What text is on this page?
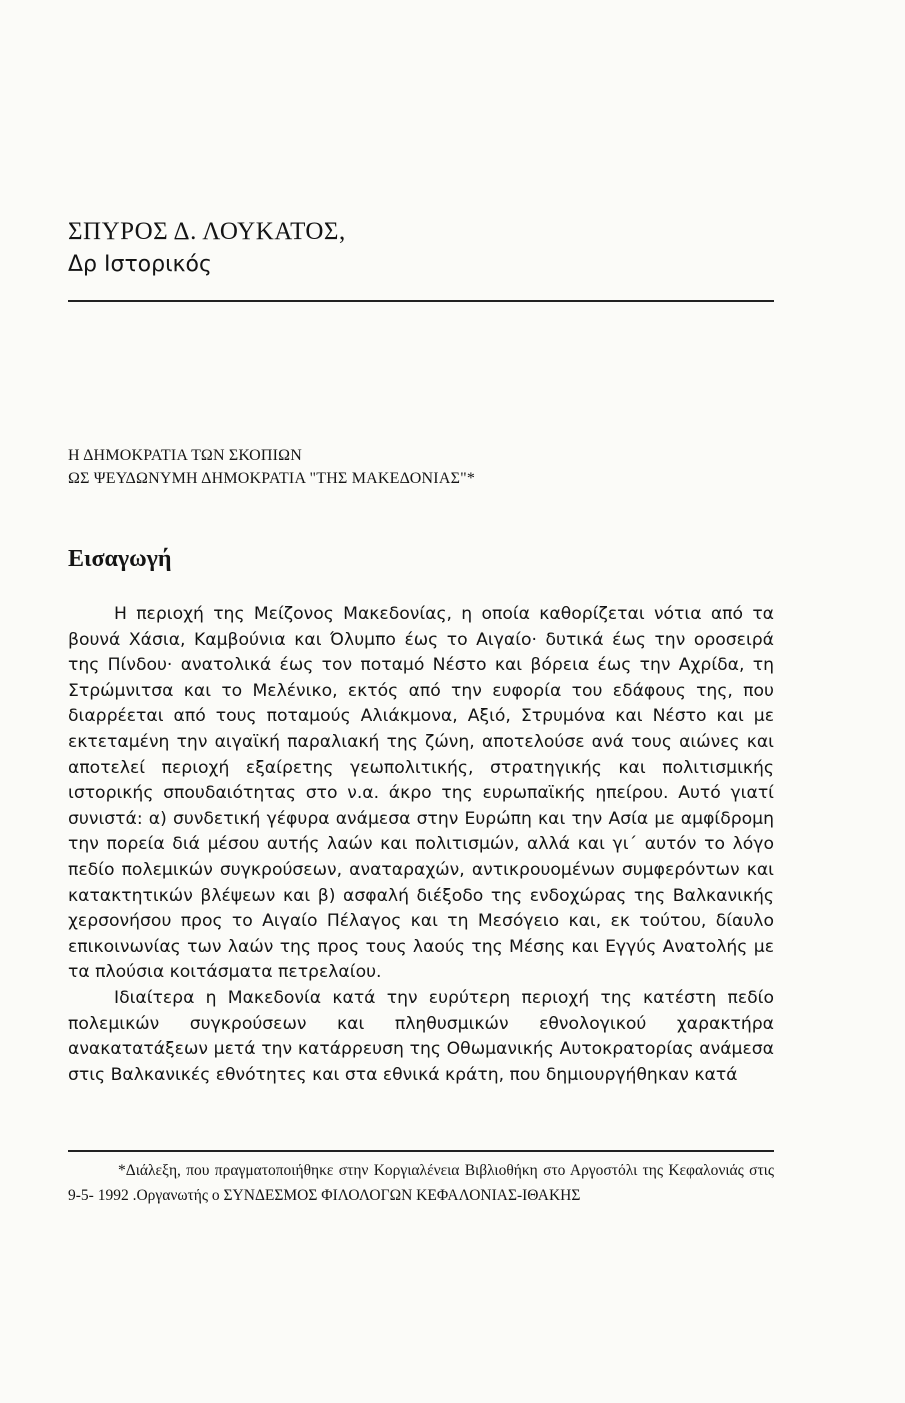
ΣΠΥΡΟΣ Δ. ΛΟΥΚΑΤΟΣ,
Δρ Ιστορικός
Η ΔΗΜΟΚΡΑΤΙΑ ΤΩΝ ΣΚΟΠΙΩΝ
ΩΣ ΨΕΥΔΩΝΥΜΗ ΔΗΜΟΚΡΑΤΙΑ "ΤΗΣ ΜΑΚΕΔΟΝΙΑΣ"*
Εισαγωγή

Η περιοχή της Μείζονος Μακεδονίας, η οποία καθορίζεται νότια από τα βουνά Χάσια, Καμβούνια και Όλυμπο έως το Αιγαίο· δυτικά έως την οροσειρά της Πίνδου· ανατολικά έως τον ποταμό Νέστο και βόρεια έως την Αχρίδα, τη Στρώμνιτσα και το Μελένικο, εκτός από την ευφορία του εδάφους της, που διαρρέεται από τους ποταμούς Αλιάκμονα, Αξιό, Στρυμόνα και Νέστο και με εκτεταμένη την αιγαϊκή παραλιακή της ζώνη, αποτελούσε ανά τους αιώνες και αποτελεί περιοχή εξαίρετης γεωπολιτικής, στρατηγικής και πολιτισμικής ιστορικής σπουδαιότητας στο ν.α. άκρο της ευρωπαϊκής ηπείρου. Αυτό γιατί συνιστά: α) συνδετική γέφυρα ανάμεσα στην Ευρώπη και την Ασία με αμφίδρομη την πορεία διά μέσου αυτής λαών και πολιτισμών, αλλά και γι΄ αυτόν το λόγο πεδίο πολεμικών συγκρούσεων, αναταραχών, αντικρουομένων συμφερόντων και κατακτητικών βλέψεων και β) ασφαλή διέξοδο της ενδοχώρας της Βαλκανικής χερσονήσου προς το Αιγαίο Πέλαγος και τη Μεσόγειο και, εκ τούτου, δίαυλο επικοινωνίας των λαών της προς τους λαούς της Μέσης και Εγγύς Ανατολής με τα πλούσια κοιτάσματα πετρελαίου.

Ιδιαίτερα η Μακεδονία κατά την ευρύτερη περιοχή της κατέστη πεδίο πολεμικών συγκρούσεων και πληθυσμικών εθνολογικού χαρακτήρα ανακατατάξεων μετά την κατάρρευση της Οθωμανικής Αυτοκρατορίας ανάμεσα στις Βαλκανικές εθνότητες και στα εθνικά κράτη, που δημιουργήθηκαν κατά

*Διάλεξη, που πραγματοποιήθηκε στην Κοργιαλένεια Βιβλιοθήκη στο Αργοστόλι της Κεφαλονιάς στις 9-5- 1992 .Οργανωτής ο ΣΥΝΔΕΣΜΟΣ ΦΙΛΟΛΟΓΩΝ ΚΕΦΑΛΟΝΙΑΣ-ΙΘΑΚΗΣ
